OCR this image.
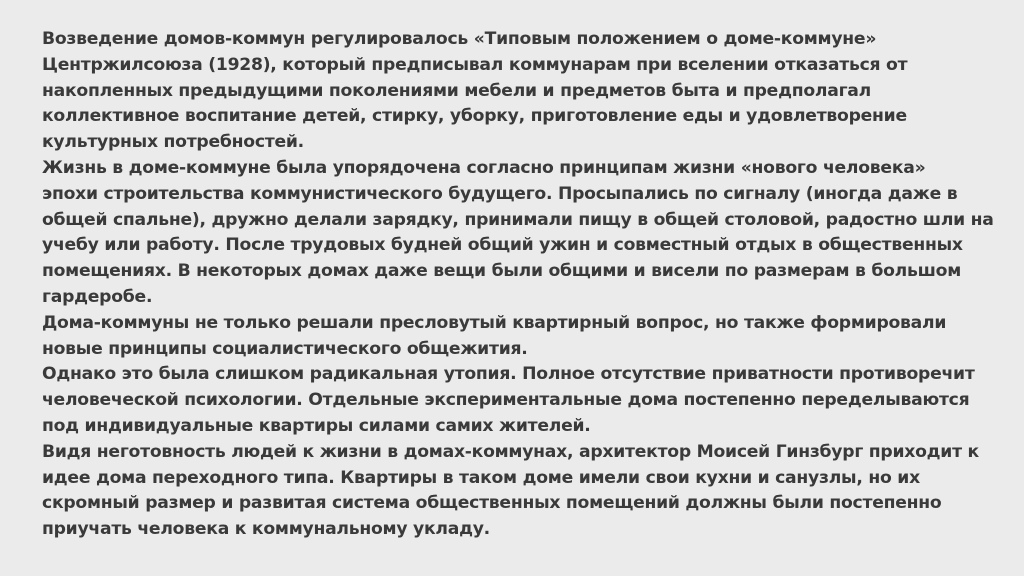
Возведение домов-коммун регулировалось «Типовым положением о доме-коммуне»
Центржилсоюза (1928), который предписывал коммунарам при вселении отказаться от
накопленных предыдущими поколениями мебели и предметов быта и предполагал
коллективное воспитание детей, стирку, уборку, приготовление еды и удовлетворение
культурных потребностей.
Жизнь в доме-коммуне была упорядочена согласно принципам жизни «нового человека»
эпохи строительства коммунистического будущего. Просыпались по сигналу (иногда даже в
общей спальне), дружно делали зарядку, принимали пищу в общей столовой, радостно шли на
учебу или работу. После трудовых будней общий ужин и совместный отдых в общественных
помещениях. В некоторых домах даже вещи были общими и висели по размерам в большом
гардеробе.
Дома-коммуны не только решали пресловутый квартирный вопрос, но также формировали
новые принципы социалистического общежития.
Однако это была слишком радикальная утопия. Полное отсутствие приватности противоречит
человеческой психологии. Отдельные экспериментальные дома постепенно переделываются
под индивидуальные квартиры силами самих жителей.
Видя неготовность людей к жизни в домах-коммунах, архитектор Моисей Гинзбург приходит к
идее дома переходного типа. Квартиры в таком доме имели свои кухни и санузлы, но их
скромный размер и развитая система общественных помещений должны были постепенно
приучать человека к коммунальному укладу.
